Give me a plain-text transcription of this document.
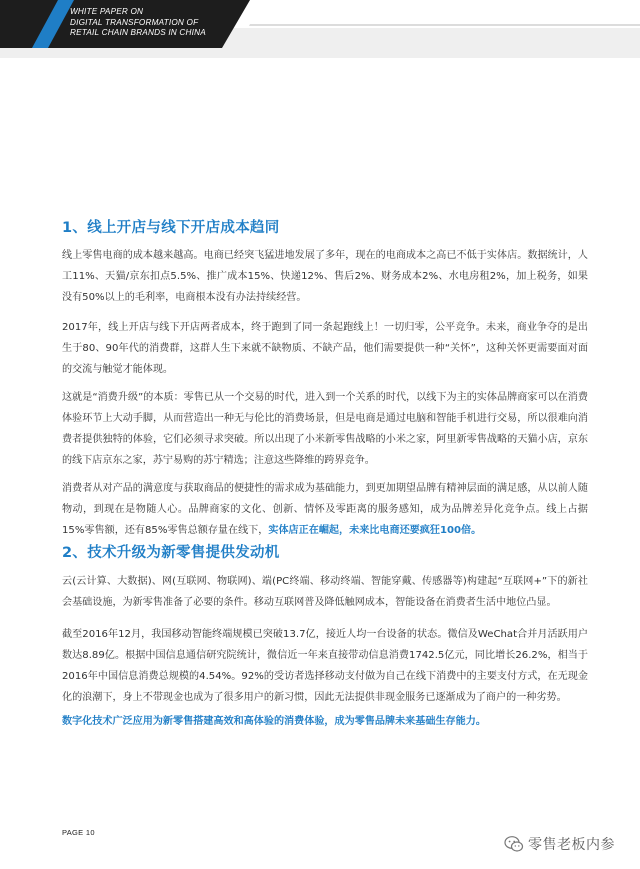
WHITE PAPER ON
DIGITAL TRANSFORMATION OF
RETAIL CHAIN BRANDS IN CHINA
1、线上开店与线下开店成本趋同

线上零售电商的成本越来越高。电商已经突飞猛进地发展了多年，现在的电商成本之高已不低于实体店。数据统计，人工11%、天猫/京东扣点5.5%、推广成本15%、快递12%、售后2%、财务成本2%、水电房租2%，加上税务，如果没有50%以上的毛利率，电商根本没有办法持续经营。

2017年，线上开店与线下开店两者成本，终于跑到了同一条起跑线上！一切归零，公平竞争。未来，商业争夺的是出生于80、90年代的消费群，这群人生下来就不缺物质、不缺产品，他们需要提供一种“关怀”，这种关怀更需要面对面的交流与触觉才能体现。

这就是“消费升级”的本质：零售已从一个交易的时代，进入到一个关系的时代，以线下为主的实体品牌商家可以在消费体验环节上大动手脚，从而营造出一种无与伦比的消费场景，但是电商是通过电脑和智能手机进行交易，所以很难向消费者提供独特的体验，它们必须寻求突破。所以出现了小米新零售战略的小米之家，阿里新零售战略的天猫小店，京东的线下店京东之家，苏宁易购的苏宁精选；注意这些降维的跨界竞争。

消费者从对产品的满意度与获取商品的便捷性的需求成为基础能力，到更加期望品牌有精神层面的满足感，从以前人随物动，到现在是物随人心。品牌商家的文化、创新、情怀及零距离的服务感知，成为品牌差异化竞争点。线上占据15%零售额，还有85%零售总额存量在线下，实体店正在崛起，未来比电商还要疯狂100倍。

2、技术升级为新零售提供发动机

云(云计算、大数据)、网(互联网、物联网)、端(PC终端、移动终端、智能穿戴、传感器等)构建起“互联网+”下的新社会基础设施，为新零售准备了必要的条件。移动互联网普及降低触网成本，智能设备在消费者生活中地位凸显。

截至2016年12月，我国移动智能终端规模已突破13.7亿，接近人均一台设备的状态。微信及WeChat合并月活跃用户数达8.89亿。根据中国信息通信研究院统计，微信近一年来直接带动信息消费1742.5亿元，同比增长26.2%，相当于2016年中国信息消费总规模的4.54%。92%的受访者选择移动支付做为自己在线下消费中的主要支付方式，在无现金化的浪潮下，身上不带现金也成为了很多用户的新习惯，因此无法提供非现金服务已逐渐成为了商户的一种劣势。

数字化技术广泛应用为新零售搭建高效和高体验的消费体验，成为零售品牌未来基础生存能力。

PAGE 10
零售老板内参
